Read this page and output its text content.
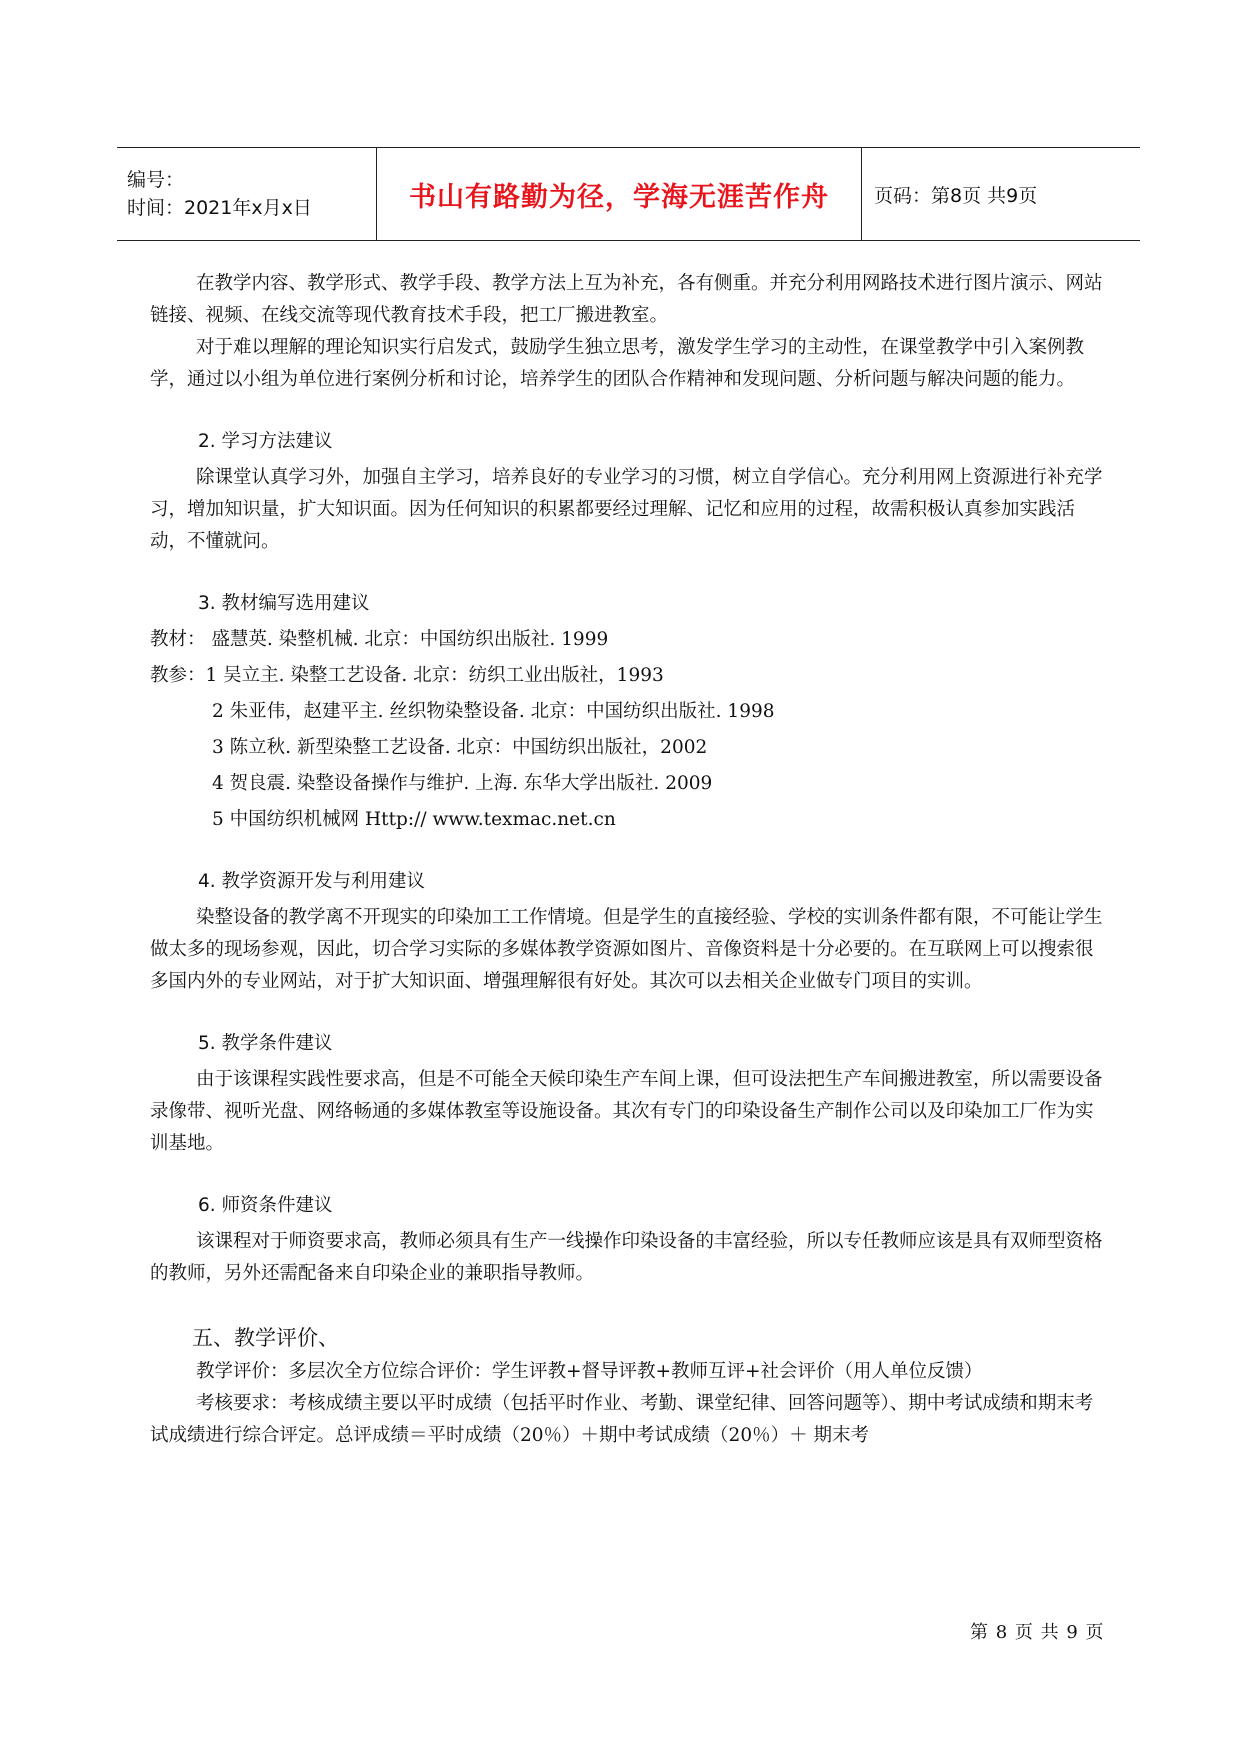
编号：
时间：2021年x月x日	书山有路勤为径，学海无涯苦作舟 页码：第8页 共9页

在教学内容、教学形式、教学手段、教学方法上互为补充，各有侧重。并充分利用网路技术进行图片演示、网站链接、视频、在线交流等现代教育技术手段，把工厂搬进教室。

对于难以理解的理论知识实行启发式，鼓励学生独立思考，激发学生学习的主动性，在课堂教学中引入案例教学，通过以小组为单位进行案例分析和讨论，培养学生的团队合作精神和发现问题、分析问题与解决问题的能力。

2. 学习方法建议

除课堂认真学习外，加强自主学习，培养良好的专业学习的习惯，树立自学信心。充分利用网上资源进行补充学习，增加知识量，扩大知识面。因为任何知识的积累都要经过理解、记忆和应用的过程，故需积极认真参加实践活动，不懂就问。

3. 教材编写选用建议

教材： 盛慧英. 染整机械. 北京：中国纺织出版社. 1999

教参：1 吴立主. 染整工艺设备. 北京：纺织工业出版社，1993

2 朱亚伟，赵建平主. 丝织物染整设备. 北京：中国纺织出版社. 1998

3 陈立秋. 新型染整工艺设备. 北京：中国纺织出版社，2002

4 贺良震. 染整设备操作与维护. 上海. 东华大学出版社. 2009

5 中国纺织机械网 Http:// www.texmac.net.cn

4. 教学资源开发与利用建议

染整设备的教学离不开现实的印染加工工作情境。但是学生的直接经验、学校的实训条件都有限，不可能让学生做太多的现场参观，因此，切合学习实际的多媒体教学资源如图片、音像资料是十分必要的。在互联网上可以搜索很多国内外的专业网站，对于扩大知识面、增强理解很有好处。其次可以去相关企业做专门项目的实训。

5. 教学条件建议

由于该课程实践性要求高，但是不可能全天候印染生产车间上课，但可设法把生产车间搬进教室，所以需要设备录像带、视听光盘、网络畅通的多媒体教室等设施设备。其次有专门的印染设备生产制作公司以及印染加工厂作为实训基地。

6. 师资条件建议

该课程对于师资要求高，教师必须具有生产一线操作印染设备的丰富经验，所以专任教师应该是具有双师型资格的教师，另外还需配备来自印染企业的兼职指导教师。

五、教学评价、

教学评价：多层次全方位综合评价：学生评教+督导评教+教师互评+社会评价（用人单位反馈）

考核要求：考核成绩主要以平时成绩（包括平时作业、考勤、课堂纪律、回答问题等）、期中考试成绩和期末考试成绩进行综合评定。总评成绩＝平时成绩（20％）＋期中考试成绩（20％）＋ 期末考

第 8 页 共 9 页
